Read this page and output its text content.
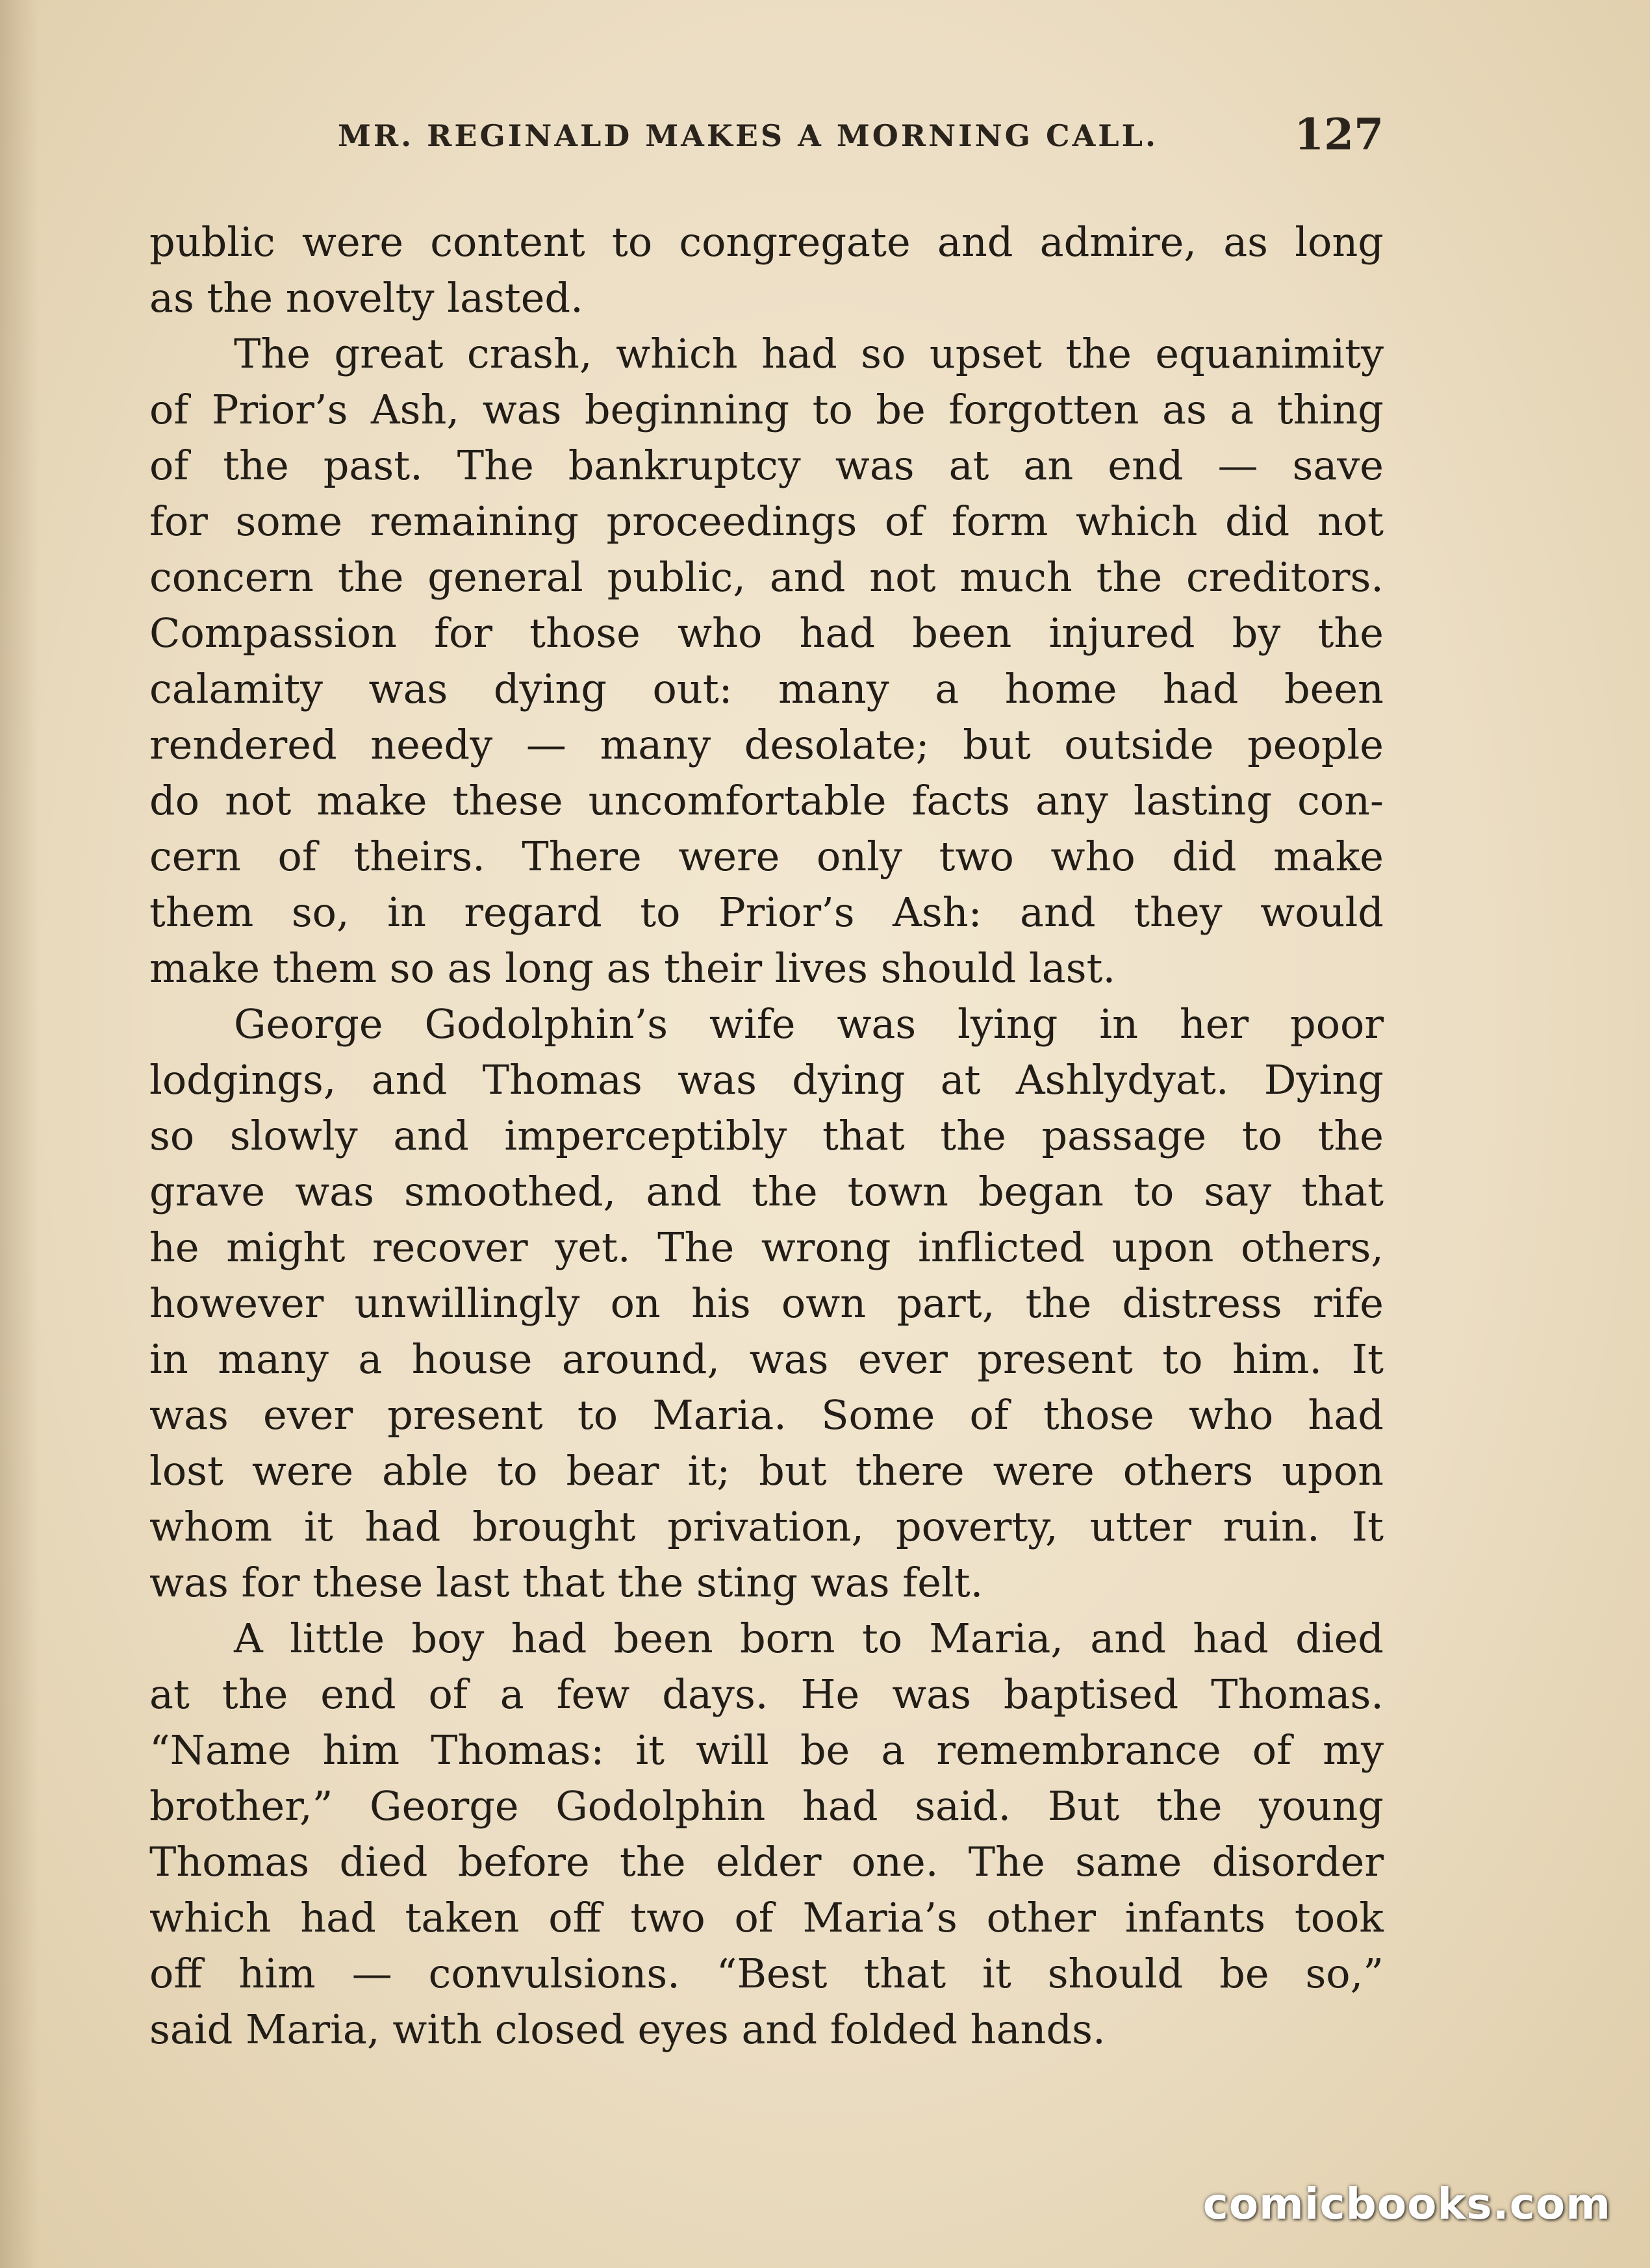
MR. REGINALD MAKES A MORNING CALL.	127
public were content to congregate and admire, as long
as the novelty lasted.
The great crash, which had so upset the equanimity
of Prior’s Ash, was beginning to be forgotten as a thing
of the past. The bankruptcy was at an end — save
for some remaining proceedings of form which did not
concern the general public, and not much the creditors.
Compassion for those who had been injured by the
calamity was dying out: many a home had been
rendered needy — many desolate; but outside people
do not make these uncomfortable facts any lasting con-
cern of theirs. There were only two who did make
them so, in regard to Prior’s Ash: and they would
make them so as long as their lives should last.
George Godolphin’s wife was lying in her poor
lodgings, and Thomas was dying at Ashlydyat. Dying
so slowly and imperceptibly that the passage to the
grave was smoothed, and the town began to say that
he might recover yet. The wrong inflicted upon others,
however unwillingly on his own part, the distress rife
in many a house around, was ever present to him. It
was ever present to Maria. Some of those who had
lost were able to bear it; but there were others upon
whom it had brought privation, poverty, utter ruin. It
was for these last that the sting was felt.
A little boy had been born to Maria, and had died
at the end of a few days. He was baptised Thomas.
“Name him Thomas: it will be a remembrance of my
brother,” George Godolphin had said. But the young
Thomas died before the elder one. The same disorder
which had taken off two of Maria’s other infants took
off him — convulsions. “Best that it should be so,”
said Maria, with closed eyes and folded hands.
comicbooks.com
